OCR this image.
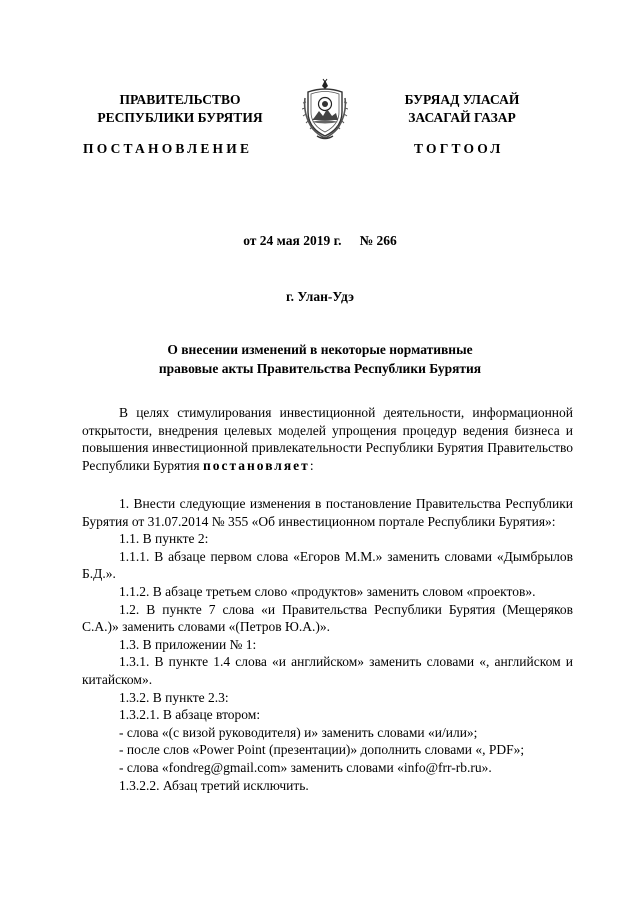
ПРАВИТЕЛЬСТВО
РЕСПУБЛИКИ БУРЯТИЯ
БУРЯАД УЛАСАЙ
ЗАСАГАЙ ГАЗАР
ПОСТАНОВЛЕНИЕ	ТОГТООЛ
от 24 мая 2019 г. № 266
г. Улан-Удэ
О внесении изменений в некоторые нормативные
правовые акты Правительства Республики Бурятия

В целях стимулирования инвестиционной деятельности, информационной открытости, внедрения целевых моделей упрощения процедур ведения бизнеса и повышения инвестиционной привлекательности Республики Бурятия Правительство Республики Бурятия постановляет:

1. Внести следующие изменения в постановление Правительства Республики Бурятия от 31.07.2014 № 355 «Об инвестиционном портале Республики Бурятия»:

1.1. В пункте 2:

1.1.1. В абзаце первом слова «Егоров М.М.» заменить словами «Дымбрылов Б.Д.».

1.1.2. В абзаце третьем слово «продуктов» заменить словом «проектов».

1.2. В пункте 7 слова «и Правительства Республики Бурятия (Мещеряков С.А.)» заменить словами «(Петров Ю.А.)».

1.3. В приложении № 1:

1.3.1. В пункте 1.4 слова «и английском» заменить словами «, английском и китайском».

1.3.2. В пункте 2.3:

1.3.2.1. В абзаце втором:

- слова «(с визой руководителя) и» заменить словами «и/или»;

- после слов «Power Point (презентации)» дополнить словами «, PDF»;

- слова «fondreg@gmail.com» заменить словами «info@frr-rb.ru».

1.3.2.2. Абзац третий исключить.
